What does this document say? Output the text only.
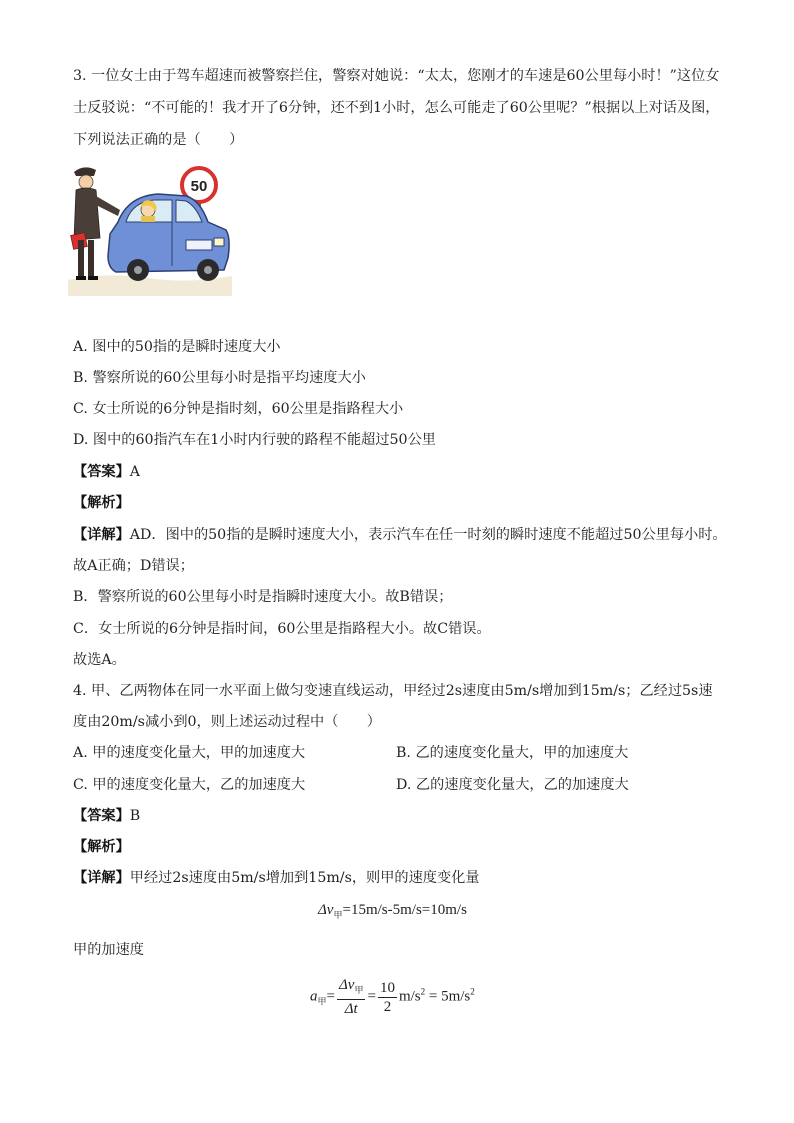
3. 一位女士由于驾车超速而被警察拦住，警察对她说：“太太，您刚才的车速是60公里每小时！”这位女
士反驳说：“不可能的！我才开了6分钟，还不到1小时，怎么可能走了60公里呢？”根据以上对话及图，
下列说法正确的是（　　）
50
A. 图中的50指的是瞬时速度大小
B. 警察所说的60公里每小时是指平均速度大小
C. 女士所说的6分钟是指时刻，60公里是指路程大小
D. 图中的60指汽车在1小时内行驶的路程不能超过50公里
【答案】A
【解析】
【详解】AD．图中的50指的是瞬时速度大小，表示汽车在任一时刻的瞬时速度不能超过50公里每小时。
故A正确；D错误；
B．警察所说的60公里每小时是指瞬时速度大小。故B错误；
C．女士所说的6分钟是指时间，60公里是指路程大小。故C错误。
故选A。
4. 甲、乙两物体在同一水平面上做匀变速直线运动，甲经过2s速度由5m/s增加到15m/s；乙经过5s速
度由20m/s减小到0，则上述运动过程中（　　）
A. 甲的速度变化量大，甲的加速度大	B. 乙的速度变化量大，甲的加速度大
C. 甲的速度变化量大，乙的加速度大	D. 乙的速度变化量大，乙的加速度大
【答案】B
【解析】
【详解】甲经过2s速度由5m/s增加到15m/s，则甲的速度变化量
$\Delta v_甲=15m/s-5m/s=10m/s$
甲的加速度
$a_甲= \frac{\Delta v_甲}{\Delta t} = \frac{10}{2} m/s^2 = 5m/s^2$
